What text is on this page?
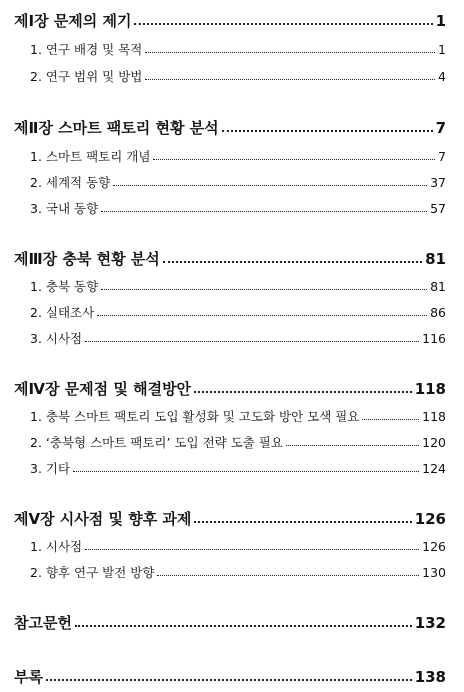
제Ⅰ장 문제의 제기	1
1. 연구 배경 및 목적	1
2. 연구 범위 및 방법	4
제Ⅱ장 스마트 팩토리 현황 분석	7
1. 스마트 팩토리 개념	7
2. 세계적 동향	37
3. 국내 동향	57
제Ⅲ장 충북 현황 분석	81
1. 충북 동향	81
2. 실태조사	86
3. 시사점	116
제Ⅳ장 문제점 및 해결방안	118
1. 충북 스마트 팩토리 도입 활성화 및 고도화 방안 모색 필요	118
2. ‘충북형 스마트 팩토리’ 도입 전략 도출 필요	120
3. 기타	124
제Ⅴ장 시사점 및 향후 과제	126
1. 시사점	126
2. 향후 연구 발전 방향	130
참고문헌	132
부록	138
